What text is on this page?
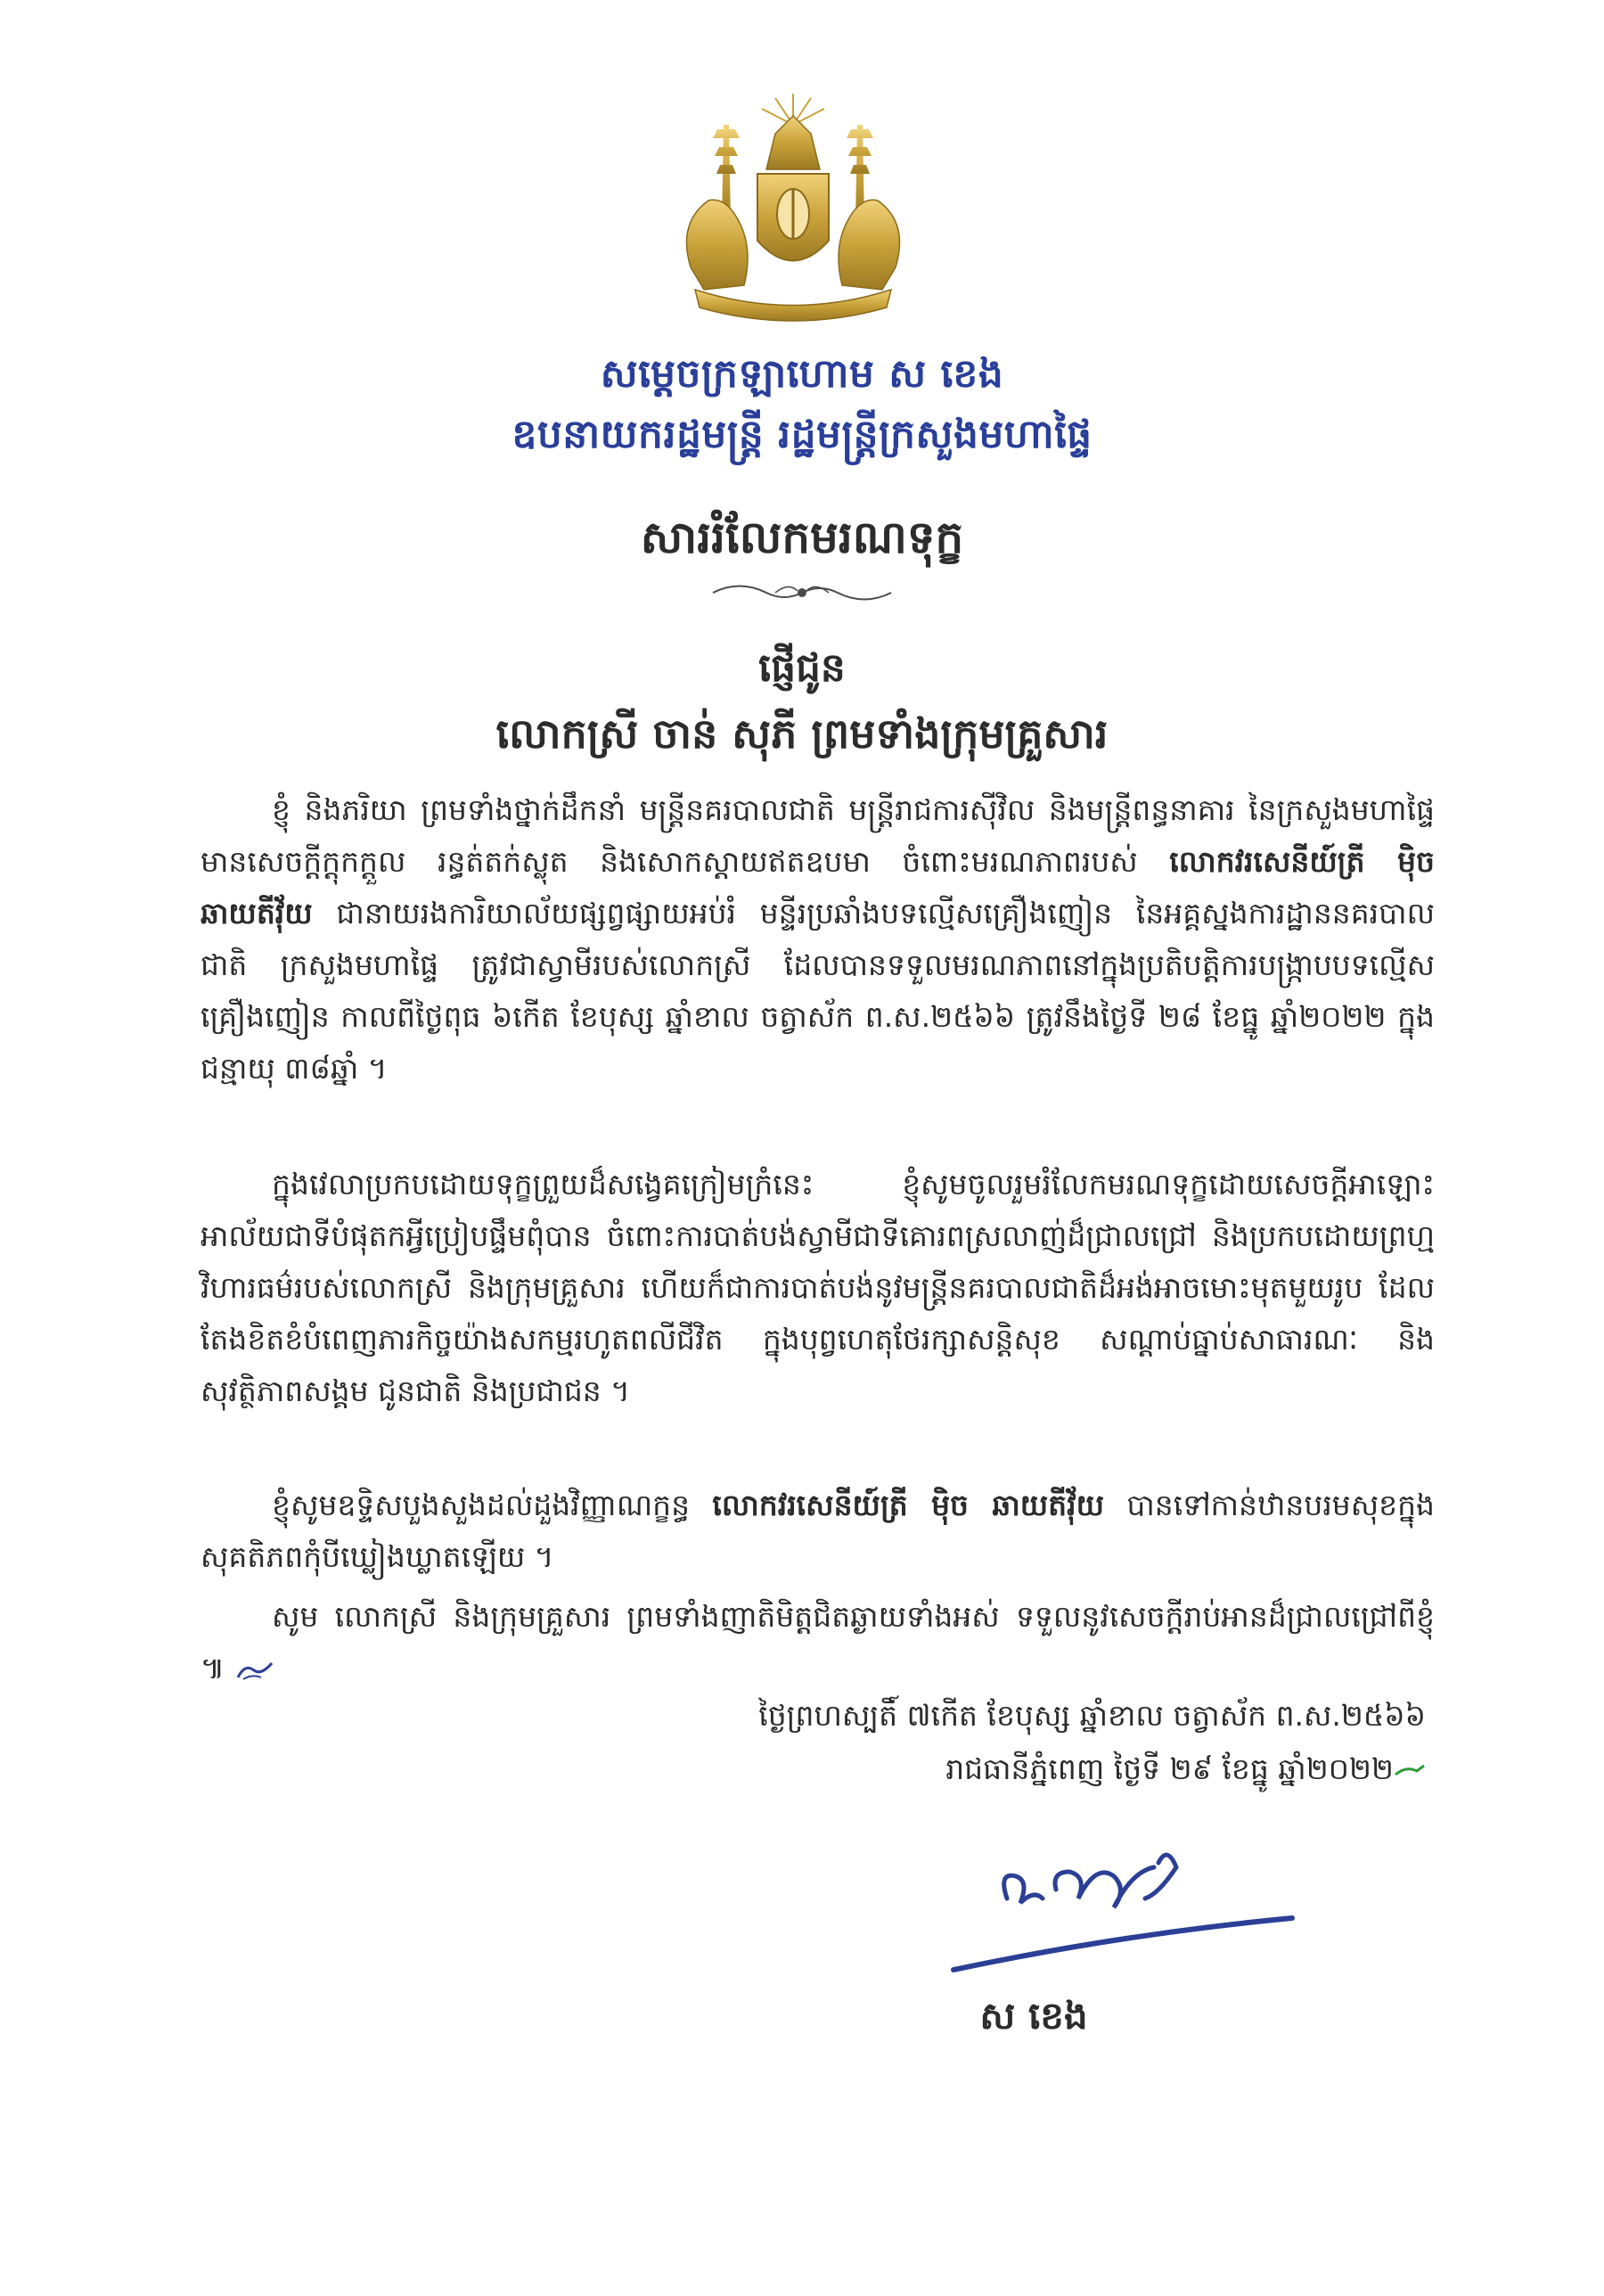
សម្ដេចក្រឡាហោម ស ខេង
ឧបនាយករដ្ឋមន្ត្រី រដ្ឋមន្ត្រីក្រសួងមហាផ្ទៃ
សាររំលែកមរណទុក្ខ
ផ្ញើជូន
លោកស្រី ចាន់ សុភី ព្រមទាំងក្រុមគ្រួសារ

ខ្ញុំ និងភរិយា ព្រមទាំងថ្នាក់ដឹកនាំ មន្ត្រីនគរបាលជាតិ មន្ត្រីរាជការស៊ីវិល និងមន្ត្រីពន្ធនាគារ នៃក្រសួងមហាផ្ទៃ មានសេចក្ដីក្ដុកក្ដួល រន្ធត់តក់ស្លុត និងសោកស្ដាយឥតឧបមា ចំពោះមរណភាពរបស់ លោកវរសេនីយ៍ត្រី ម៉ិច ឆាយតីវ៉័យ ជានាយរងការិយាល័យផ្សព្វផ្សាយអប់រំ មន្ទីរប្រឆាំងបទល្មើសគ្រឿងញៀន នៃអគ្គស្នងការដ្ឋាននគរបាលជាតិ ក្រសួងមហាផ្ទៃ ត្រូវជាស្វាមីរបស់លោកស្រី ដែលបានទទួលមរណភាពនៅក្នុងប្រតិបត្តិការបង្ក្រាបបទល្មើសគ្រឿងញៀន កាលពីថ្ងៃពុធ ៦កើត ខែបុស្ស ឆ្នាំខាល ចត្វាស័ក ព.ស.២៥៦៦ ត្រូវនឹងថ្ងៃទី ២៨ ខែធ្នូ ឆ្នាំ២០២២ ក្នុងជន្មាយុ ៣៨ឆ្នាំ ។

ក្នុងវេលាប្រកបដោយទុក្ខព្រួយដ៏សង្វេគក្រៀមក្រំនេះ ខ្ញុំសូមចូលរួមរំលែកមរណទុក្ខដោយសេចក្ដីអាឡោះអាល័យជាទីបំផុតកអ្វីប្រៀបផ្ទឹមពុំបាន ចំពោះការបាត់បង់ស្វាមីជាទីគោរពស្រលាញ់ដ៏ជ្រាលជ្រៅ និងប្រកបដោយព្រហ្មវិហារធម៌របស់លោកស្រី និងក្រុមគ្រួសារ ហើយក៏ជាការបាត់បង់នូវមន្ត្រីនគរបាលជាតិដ៏អង់អាចមោះមុតមួយរូប ដែលតែងខិតខំបំពេញភារកិច្ចយ៉ាងសកម្មរហូតពលីជីវិត ក្នុងបុព្វហេតុថែរក្សាសន្តិសុខ សណ្ដាប់ធ្នាប់សាធារណៈ និងសុវត្ថិភាពសង្គម ជូនជាតិ និងប្រជាជន ។

ខ្ញុំសូមឧទ្ទិសបួងសួងដល់ដួងវិញ្ញាណក្ខន្ធ លោកវរសេនីយ៍ត្រី ម៉ិច ឆាយតីវ៉័យ បានទៅកាន់ឋានបរមសុខក្នុងសុគតិភពកុំបីឃ្លៀងឃ្លាតឡើយ ។

សូម លោកស្រី និងក្រុមគ្រួសារ ព្រមទាំងញាតិមិត្តជិតឆ្ងាយទាំងអស់ ទទួលនូវសេចក្ដីរាប់អានដ៏ជ្រាលជ្រៅពីខ្ញុំ ៕

ថ្ងៃព្រហស្បតិ៍ ៧កើត ខែបុស្ស ឆ្នាំខាល ចត្វាស័ក ព.ស.២៥៦៦
រាជធានីភ្នំពេញ ថ្ងៃទី ២៩ ខែធ្នូ ឆ្នាំ២០២២
ស ខេង
